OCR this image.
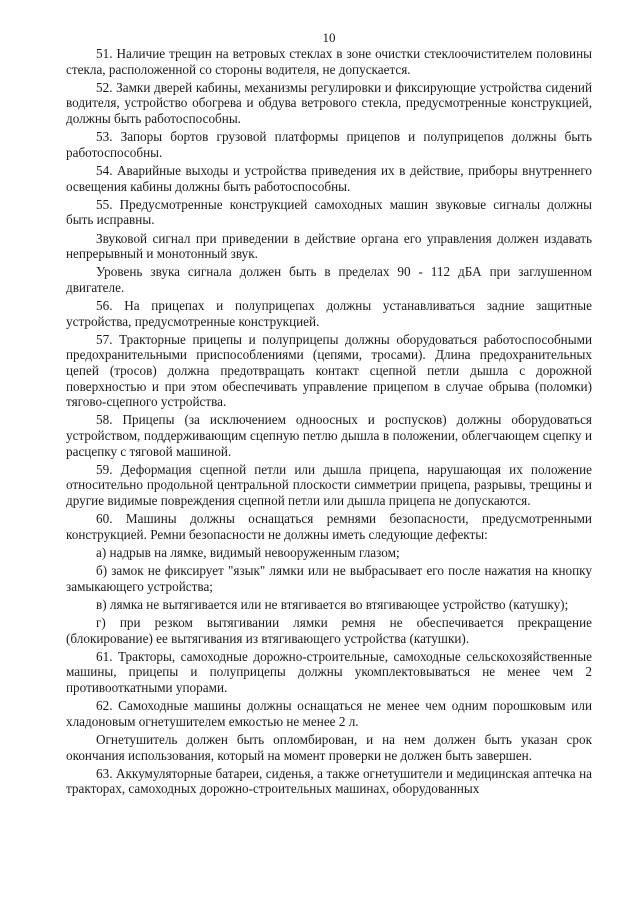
10

51. Наличие трещин на ветровых стеклах в зоне очистки стеклоочистителем половины стекла, расположенной со стороны водителя, не допускается.

52. Замки дверей кабины, механизмы регулировки и фиксирующие устройства сидений водителя, устройство обогрева и обдува ветрового стекла, предусмотренные конструкцией, должны быть работоспособны.

53. Запоры бортов грузовой платформы прицепов и полуприцепов должны быть работоспособны.

54. Аварийные выходы и устройства приведения их в действие, приборы внутреннего освещения кабины должны быть работоспособны.

55. Предусмотренные конструкцией самоходных машин звуковые сигналы должны быть исправны.

Звуковой сигнал при приведении в действие органа его управления должен издавать непрерывный и монотонный звук.

Уровень звука сигнала должен быть в пределах 90 - 112 дБА при заглушенном двигателе.

56. На прицепах и полуприцепах должны устанавливаться задние защитные устройства, предусмотренные конструкцией.

57. Тракторные прицепы и полуприцепы должны оборудоваться работоспособными предохранительными приспособлениями (цепями, тросами). Длина предохранительных цепей (тросов) должна предотвращать контакт сцепной петли дышла с дорожной поверхностью и при этом обеспечивать управление прицепом в случае обрыва (поломки) тягово-сцепного устройства.

58. Прицепы (за исключением одноосных и роспусков) должны оборудоваться устройством, поддерживающим сцепную петлю дышла в положении, облегчающем сцепку и расцепку с тяговой машиной.

59. Деформация сцепной петли или дышла прицепа, нарушающая их положение относительно продольной центральной плоскости симметрии прицепа, разрывы, трещины и другие видимые повреждения сцепной петли или дышла прицепа не допускаются.

60. Машины должны оснащаться ремнями безопасности, предусмотренными конструкцией. Ремни безопасности не должны иметь следующие дефекты:

а) надрыв на лямке, видимый невооруженным глазом;

б) замок не фиксирует "язык" лямки или не выбрасывает его после нажатия на кнопку замыкающего устройства;

в) лямка не вытягивается или не втягивается во втягивающее устройство (катушку);

г) при резком вытягивании лямки ремня не обеспечивается прекращение (блокирование) ее вытягивания из втягивающего устройства (катушки).

61. Тракторы, самоходные дорожно-строительные, самоходные сельскохозяйственные машины, прицепы и полуприцепы должны укомплектовываться не менее чем 2 противооткатными упорами.

62. Самоходные машины должны оснащаться не менее чем одним порошковым или хладоновым огнетушителем емкостью не менее 2 л.

Огнетушитель должен быть опломбирован, и на нем должен быть указан срок окончания использования, который на момент проверки не должен быть завершен.

63. Аккумуляторные батареи, сиденья, а также огнетушители и медицинская аптечка на тракторах, самоходных дорожно-строительных машинах, оборудованных
